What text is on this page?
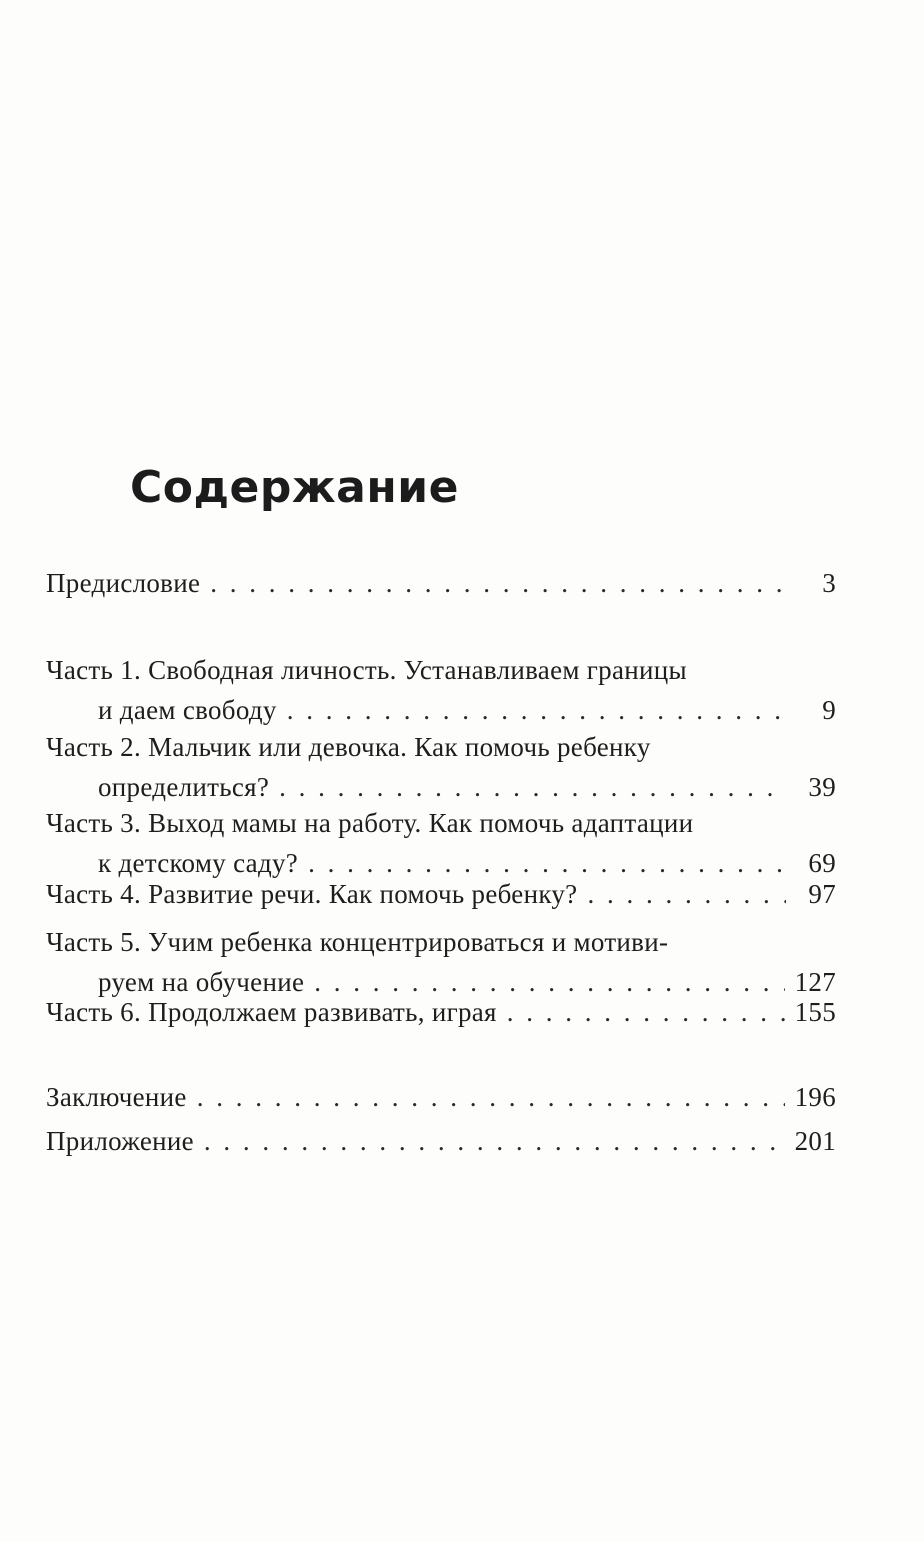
Содержание
Предисловие . . .	3
Часть 1. Свободная личность. Устанавливаем границы
и даем свободу . . .	9
Часть 2. Мальчик или девочка. Как помочь ребенку
определиться? . . .	39
Часть 3. Выход мамы на работу. Как помочь адаптации
к детскому саду? . . .	69
Часть 4. Развитие речи. Как помочь ребенку? . . .	97
Часть 5. Учим ребенка концентрироваться и мотиви-
руем на обучение . . .	127
Часть 6. Продолжаем развивать, играя . . .	155
Заключение . . .	196
Приложение . . .	201
